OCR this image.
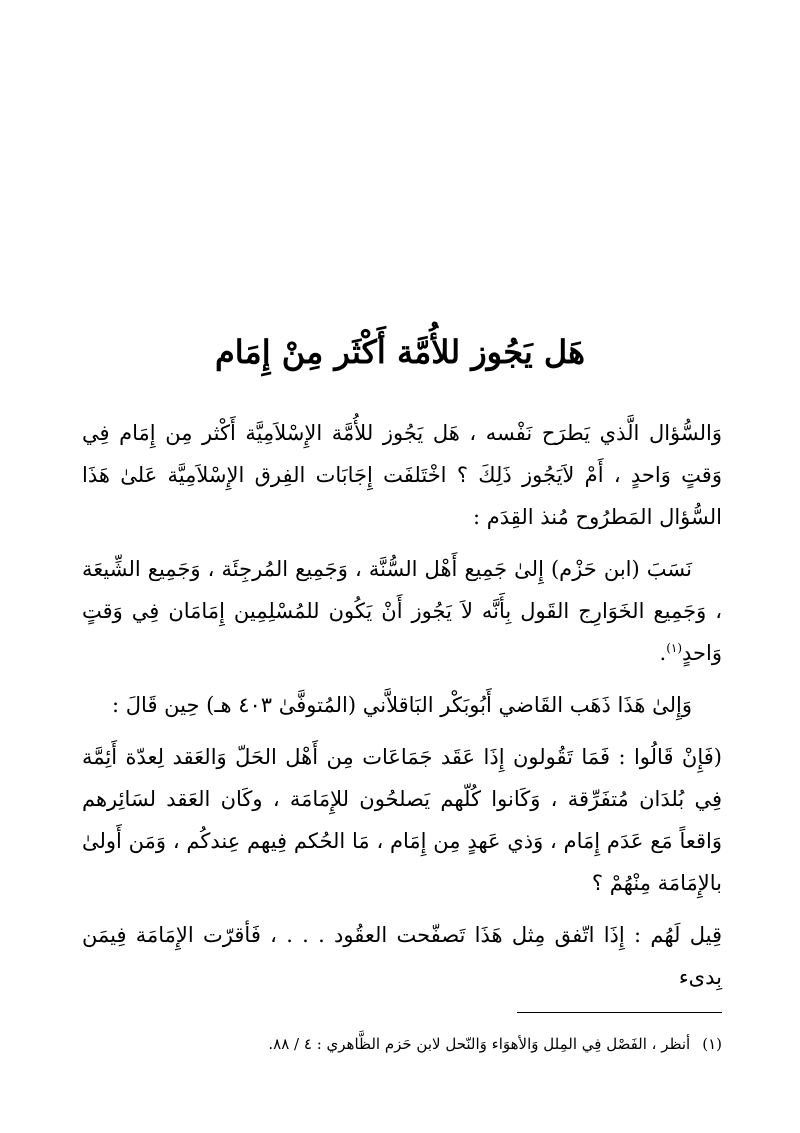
هَل يَجُوز للأُمَّة أَكْثَر مِنْ إِمَام

وَالسُّؤال الَّذي يَطرَح نَفْسه ، هَل يَجُوز للأُمَّة الإِسْلاَمِيَّة أَكْثر مِن إِمَام فِي وَقتٍ وَاحدٍ ، أَمْ لاَيَجُوز ذَلِكَ ؟ اخْتَلفَت إِجَابَات الفِرق الإِسْلاَمِيَّة عَلىٰ هَذَا السُّؤال المَطرُوح مُنذ القِدَم :

نَسَبَ (ابن حَزْم) إِلىٰ جَمِيع أَهْل السُّنَّة ، وَجَمِيع المُرجِئَة ، وَجَمِيع الشِّيعَة ، وَجَمِيع الخَوَارِج القَول بِأَنَّه لاَ يَجُوز أَنْ يَكُون للمُسْلِمِين إِمَامَان فِي وَقتٍ وَاحدٍ$^{(١)}$.

وَإِلىٰ هَذَا ذَهَب القَاضي أَبُوبَكْر البَاقلاَّني (المُتوفَّىٰ ٤٠٣ هـ) حِين قَالَ :

(فَإِنْ قَالُوا : فَمَا تَقُولون إِذَا عَقَد جَمَاعَات مِن أَهْل الحَلّ وَالعَقد لِعدّة أَئِمَّة فِي بُلدَان مُتفَرِّقة ، وَكَانوا كُلّهم يَصلحُون للإِمَامَة ، وكَان العَقد لسَائِرهم وَاقعاً مَع عَدَم إِمَام ، وَذي عَهدٍ مِن إِمَام ، مَا الحُكم فِيهم عِندكُم ، وَمَن أَولىٰ بالإِمَامَة مِنْهُمْ ؟

قِيل لَهُم : إِذَا اتّفق مِثل هَذَا تَصفّحت العقُود . . . ، فَأقرّت الإِمَامَة فِيمَن بِدىء

(١)أنظر ، الفَصْل فِي المِلل وَالأهوَاء وَالنّحل لابن حَزم الظَّاهري : ٤ / ٨٨.
